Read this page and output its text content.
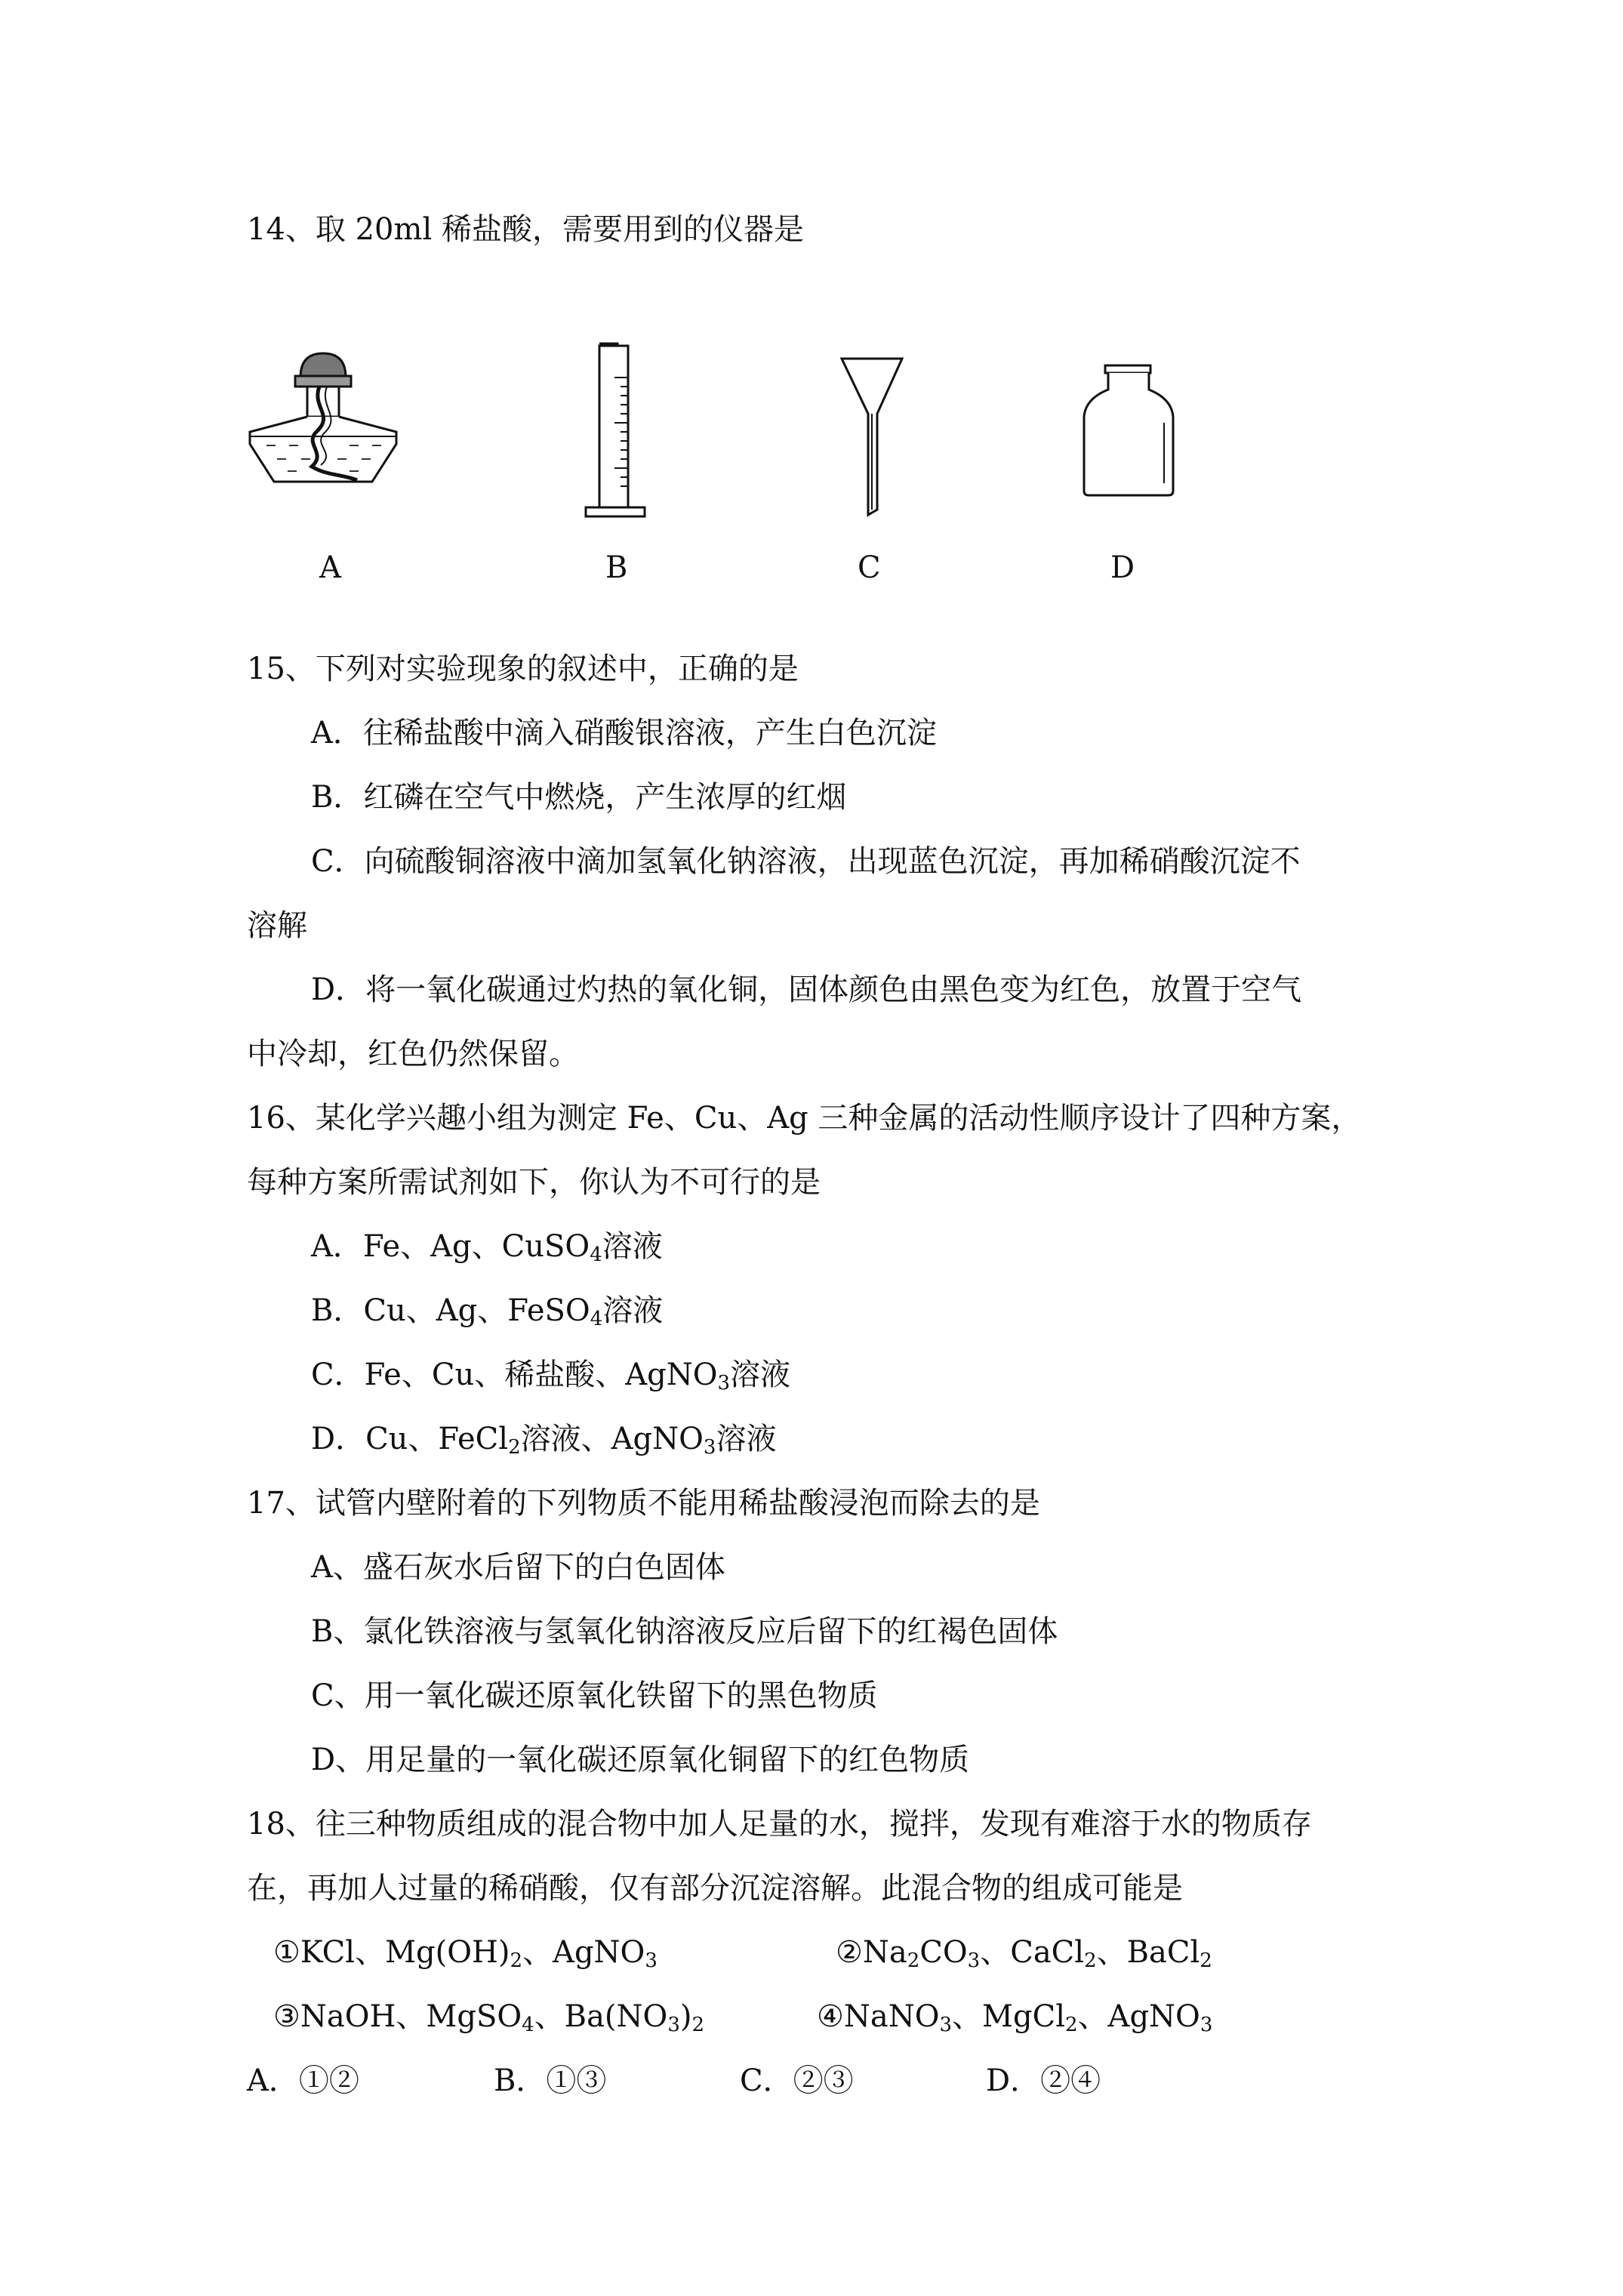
14、取 20ml 稀盐酸，需要用到的仪器是
A	B	C	D
15、下列对实验现象的叙述中，正确的是
A．往稀盐酸中滴入硝酸银溶液，产生白色沉淀
B．红磷在空气中燃烧，产生浓厚的红烟
C．向硫酸铜溶液中滴加氢氧化钠溶液，出现蓝色沉淀，再加稀硝酸沉淀不
溶解
D．将一氧化碳通过灼热的氧化铜，固体颜色由黑色变为红色，放置于空气
中冷却，红色仍然保留。
16、某化学兴趣小组为测定 Fe、Cu、Ag 三种金属的活动性顺序设计了四种方案，
每种方案所需试剂如下，你认为不可行的是
A．Fe、Ag、CuSO$_4$溶液
B．Cu、Ag、FeSO$_4$溶液
C．Fe、Cu、稀盐酸、AgNO$_3$溶液
D．Cu、FeCl$_2$溶液、AgNO$_3$溶液
17、试管内壁附着的下列物质不能用稀盐酸浸泡而除去的是
A、盛石灰水后留下的白色固体
B、氯化铁溶液与氢氧化钠溶液反应后留下的红褐色固体
C、用一氧化碳还原氧化铁留下的黑色物质
D、用足量的一氧化碳还原氧化铜留下的红色物质
18、往三种物质组成的混合物中加人足量的水，搅拌，发现有难溶于水的物质存
在，再加人过量的稀硝酸，仅有部分沉淀溶解。此混合物的组成可能是
①KCl、$Mg(OH)_2$、AgNO$_3$	$②Na_2CO_3$、CaCl$_2$、BaCl$_2$
③NaOH、MgSO$_4$、$Ba(NO_3)_2$	④NaNO$_3$、MgCl$_2$、AgNO$_3$
A．①②	B．①③	C．②③	D．②④
